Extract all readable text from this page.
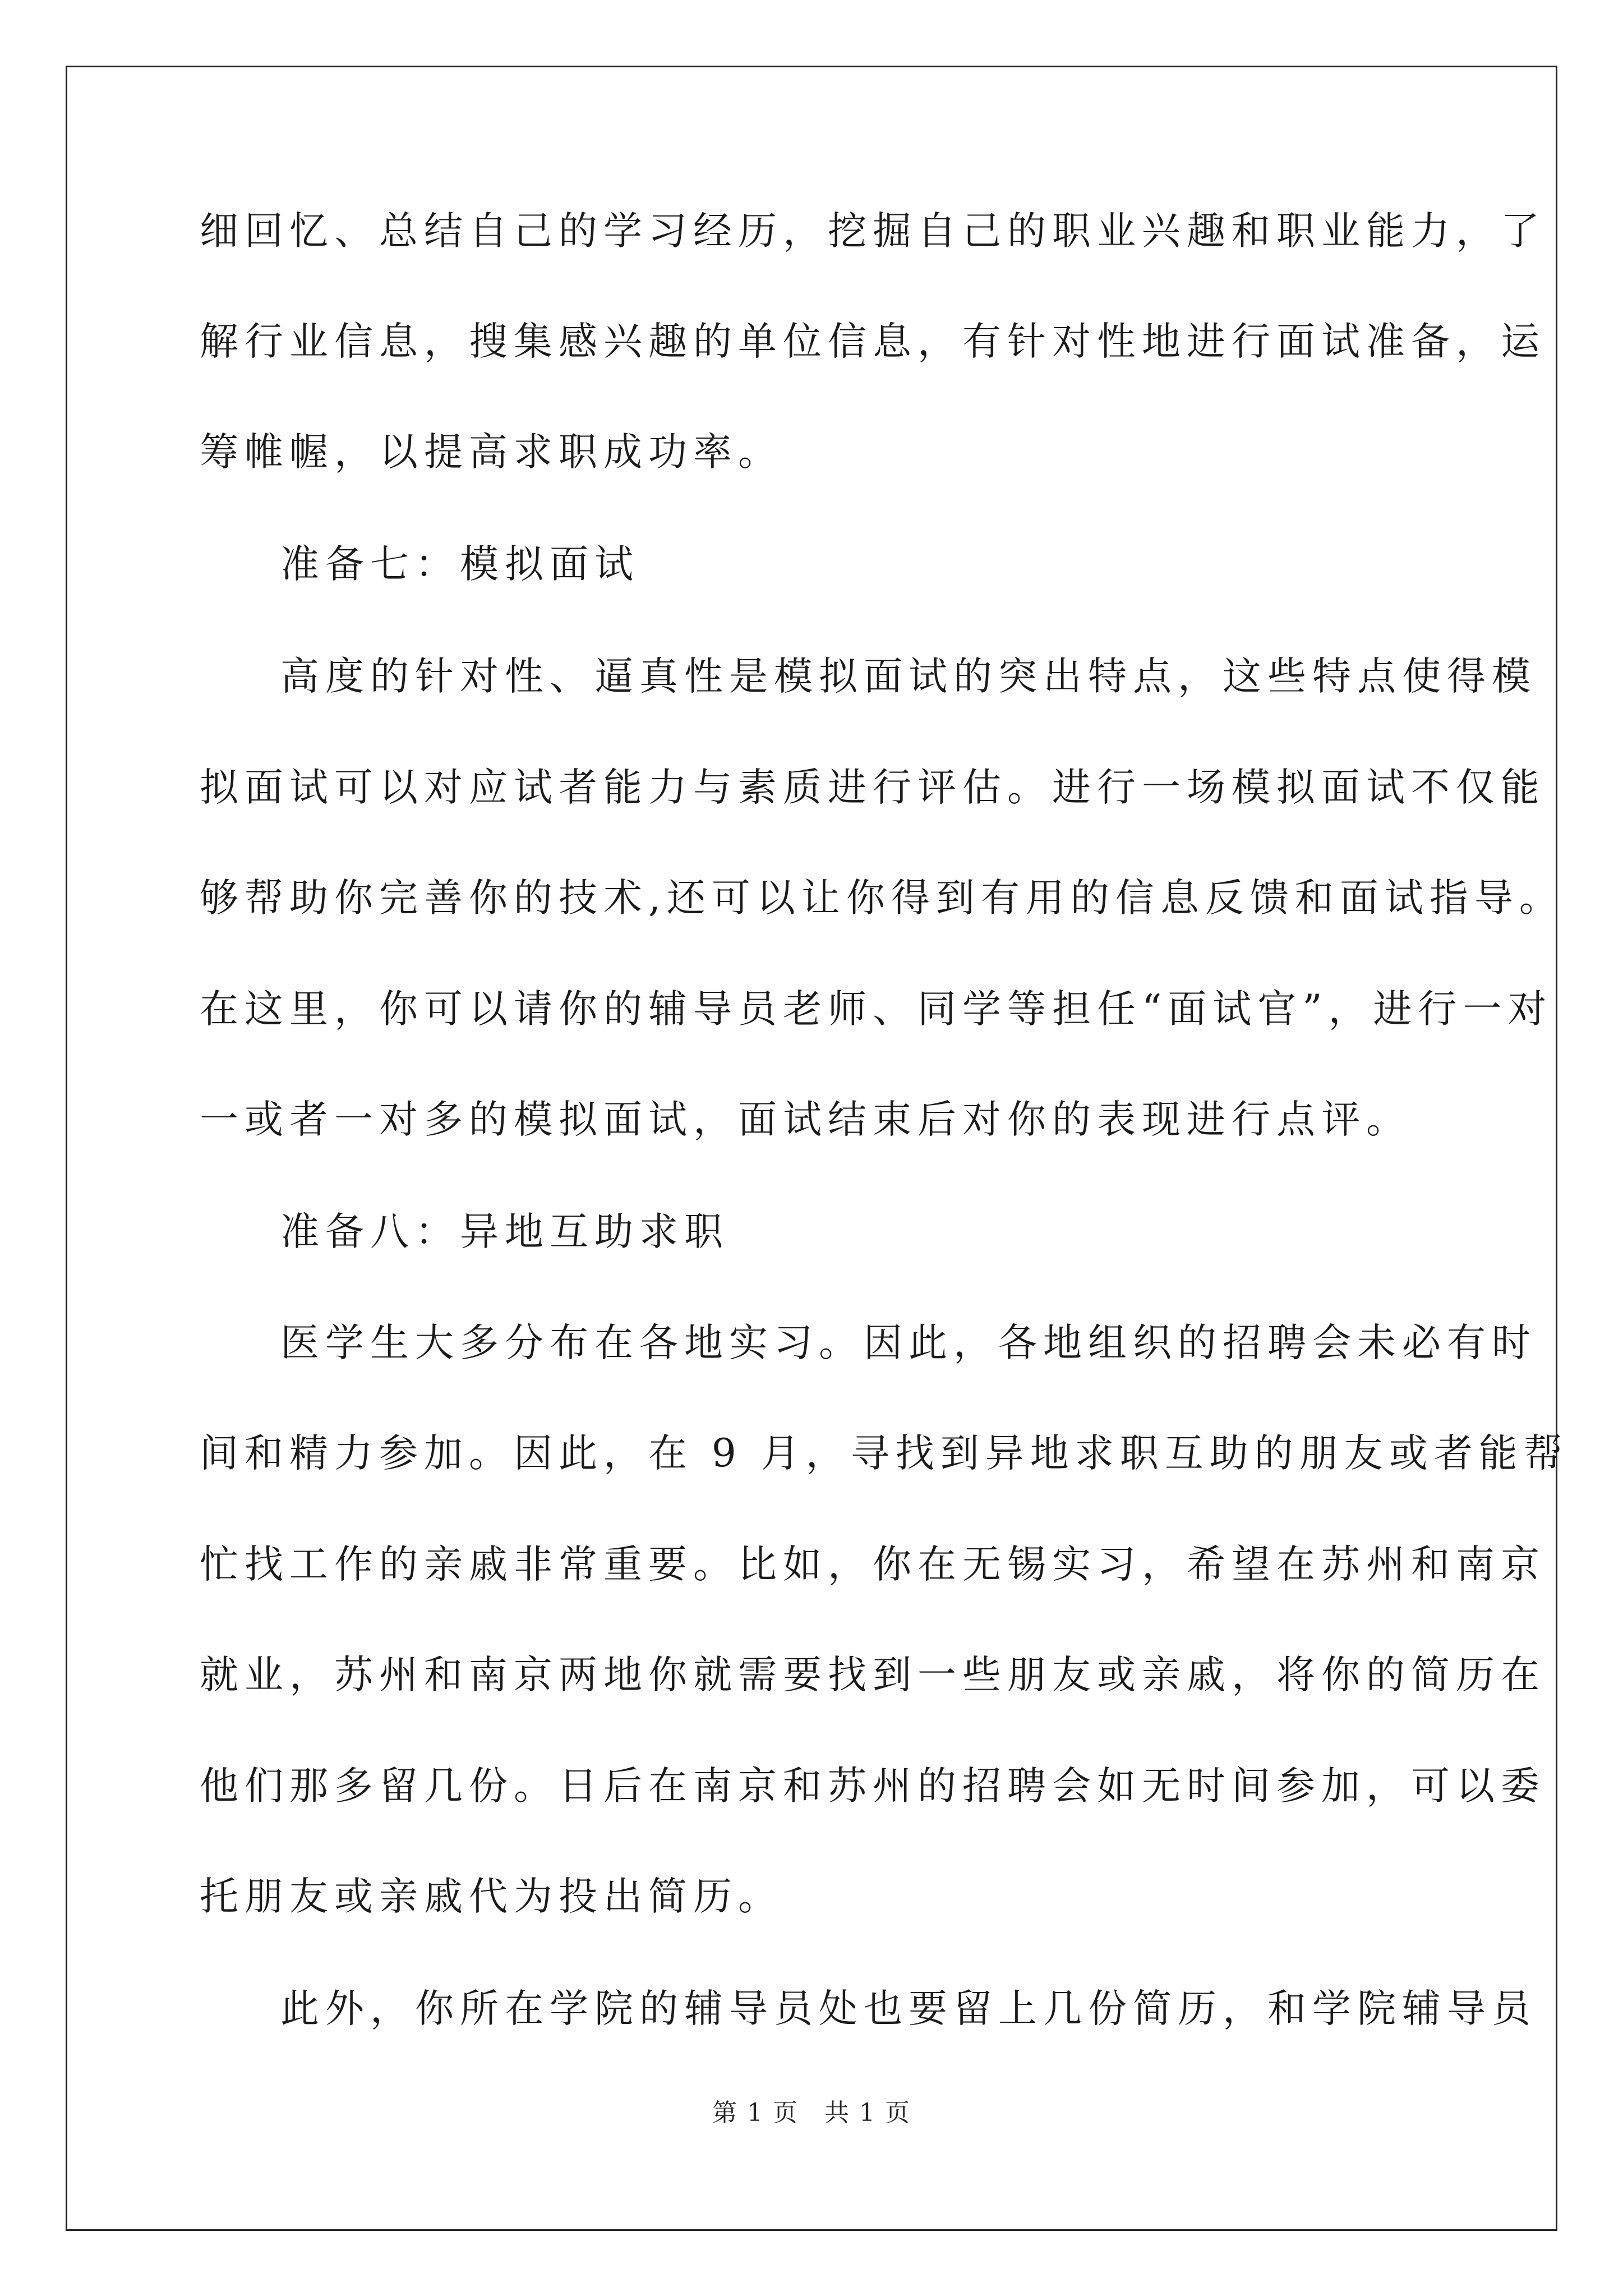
细回忆、总结自己的学习经历，挖掘自己的职业兴趣和职业能力，了
解行业信息，搜集感兴趣的单位信息，有针对性地进行面试准备，运
筹帷幄，以提高求职成功率。
准备七：模拟面试
高度的针对性、逼真性是模拟面试的突出特点，这些特点使得模
拟面试可以对应试者能力与素质进行评估。进行一场模拟面试不仅能
够帮助你完善你的技术,还可以让你得到有用的信息反馈和面试指导。
在这里，你可以请你的辅导员老师、同学等担任“面试官”，进行一对
一或者一对多的模拟面试，面试结束后对你的表现进行点评。
准备八：异地互助求职
医学生大多分布在各地实习。因此，各地组织的招聘会未必有时
间和精力参加。因此，在 9 月，寻找到异地求职互助的朋友或者能帮
忙找工作的亲戚非常重要。比如，你在无锡实习，希望在苏州和南京
就业，苏州和南京两地你就需要找到一些朋友或亲戚，将你的简历在
他们那多留几份。日后在南京和苏州的招聘会如无时间参加，可以委
托朋友或亲戚代为投出简历。
此外，你所在学院的辅导员处也要留上几份简历，和学院辅导员
第 1 页　共 1 页
